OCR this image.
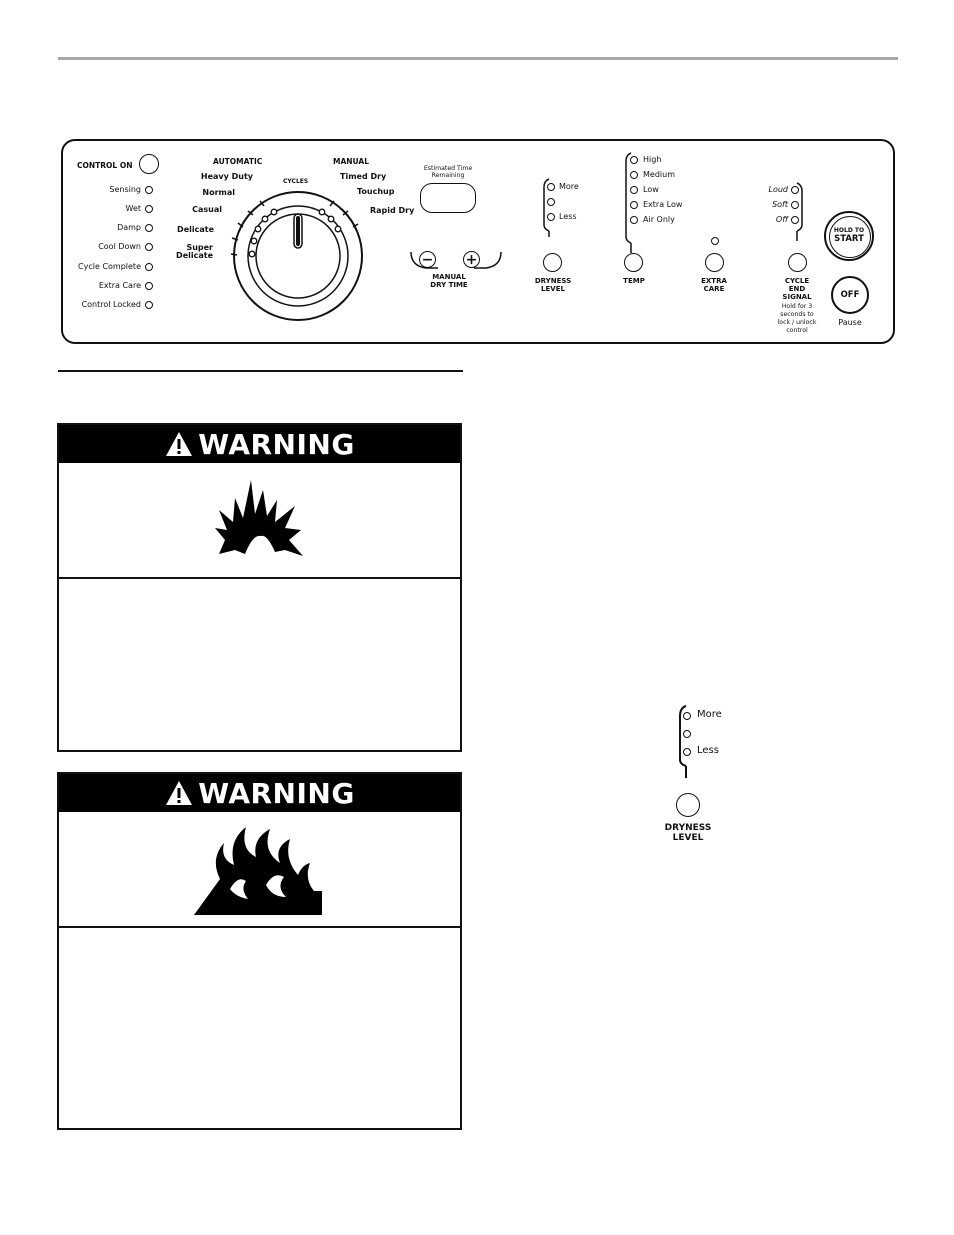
CONTROL ON
Sensing
Wet
Damp
Cool Down
Cycle Complete
Extra Care
Control Locked
AUTOMATIC	MANUAL
Heavy Duty
Normal
Casual
Delicate
Super
Delicate
Timed Dry
Touchup
Rapid Dry
CYCLES
Estimated Time
Remaining
− +
MANUAL
DRY TIME
More
Less
DRYNESS
LEVEL
High
Medium
Low
Extra Low
Air Only
TEMP	EXTRA
CARE
Loud
Soft
Off
CYCLE
END
SIGNAL
Hold for 3
seconds to
lock / unlock
control
HOLD TO
START
OFF
Pause
WARNING
WARNING
More
Less
DRYNESS
LEVEL
